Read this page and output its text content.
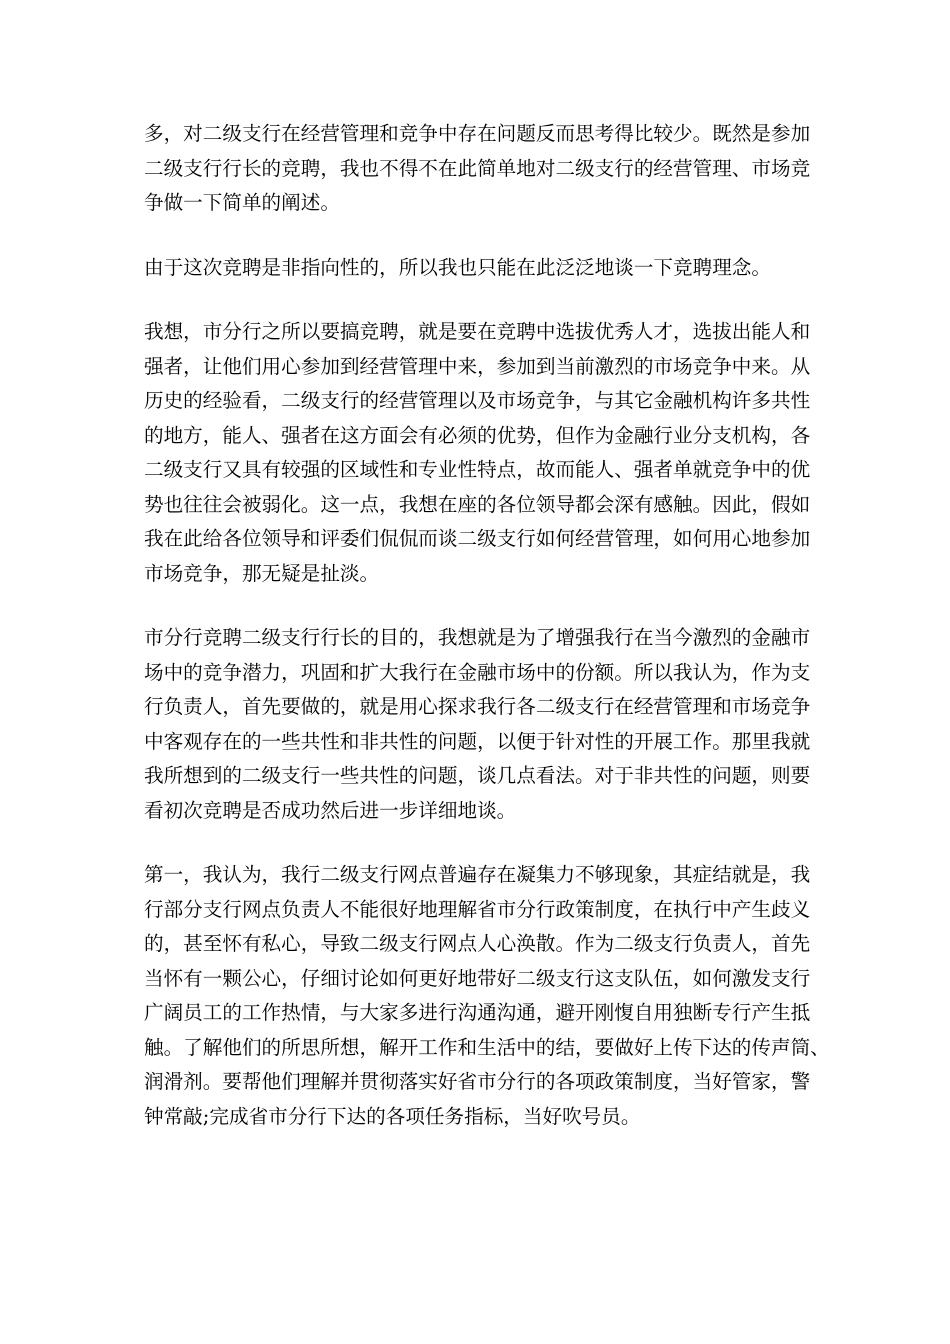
多，对二级支行在经营管理和竞争中存在问题反而思考得比较少。既然是参加
二级支行行长的竞聘，我也不得不在此简单地对二级支行的经营管理、市场竞
争做一下简单的阐述。

由于这次竞聘是非指向性的，所以我也只能在此泛泛地谈一下竞聘理念。

我想，市分行之所以要搞竞聘，就是要在竞聘中选拔优秀人才，选拔出能人和
强者，让他们用心参加到经营管理中来，参加到当前激烈的市场竞争中来。从
历史的经验看，二级支行的经营管理以及市场竞争，与其它金融机构许多共性
的地方，能人、强者在这方面会有必须的优势，但作为金融行业分支机构，各
二级支行又具有较强的区域性和专业性特点，故而能人、强者单就竞争中的优
势也往往会被弱化。这一点，我想在座的各位领导都会深有感触。因此，假如
我在此给各位领导和评委们侃侃而谈二级支行如何经营管理，如何用心地参加
市场竞争，那无疑是扯淡。

市分行竞聘二级支行行长的目的，我想就是为了增强我行在当今激烈的金融市
场中的竞争潜力，巩固和扩大我行在金融市场中的份额。所以我认为，作为支
行负责人，首先要做的，就是用心探求我行各二级支行在经营管理和市场竞争
中客观存在的一些共性和非共性的问题，以便于针对性的开展工作。那里我就
我所想到的二级支行一些共性的问题，谈几点看法。对于非共性的问题，则要
看初次竞聘是否成功然后进一步详细地谈。

第一，我认为，我行二级支行网点普遍存在凝集力不够现象，其症结就是，我
行部分支行网点负责人不能很好地理解省市分行政策制度，在执行中产生歧义
的，甚至怀有私心，导致二级支行网点人心涣散。作为二级支行负责人，首先
当怀有一颗公心，仔细讨论如何更好地带好二级支行这支队伍，如何激发支行
广阔员工的工作热情，与大家多进行沟通沟通，避开刚愎自用独断专行产生抵
触。了解他们的所思所想，解开工作和生活中的结，要做好上传下达的传声筒、
润滑剂。要帮他们理解并贯彻落实好省市分行的各项政策制度，当好管家，警
钟常敲;完成省市分行下达的各项任务指标，当好吹号员。
